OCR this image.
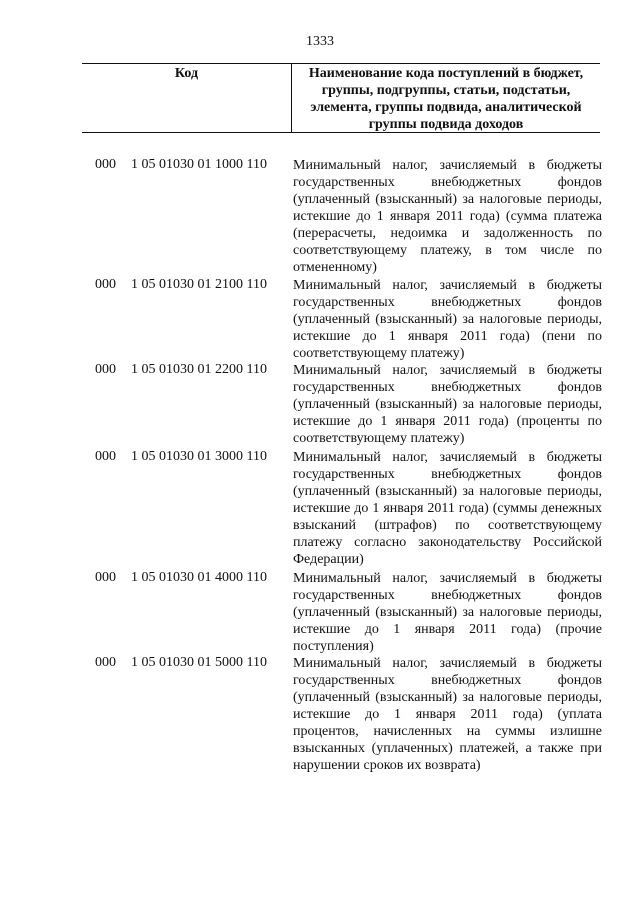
1333
Код	Наименование кода поступлений в бюджет, группы, подгруппы, статьи, подстатьи, элемента, группы подвида, аналитической группы подвида доходов
000 1 05 01030 01 1000 110 Минимальный налог, зачисляемый в бюджеты государственных внебюджетных фондов (уплаченный (взысканный) за налоговые периоды, истекшие до 1 января 2011 года) (сумма платежа (перерасчеты, недоимка и задолженность по соответствующему платежу, в том числе по отмененному)
000 1 05 01030 01 2100 110 Минимальный налог, зачисляемый в бюджеты государственных внебюджетных фондов (уплаченный (взысканный) за налоговые периоды, истекшие до 1 января 2011 года) (пени по соответствующему платежу)
000 1 05 01030 01 2200 110 Минимальный налог, зачисляемый в бюджеты государственных внебюджетных фондов (уплаченный (взысканный) за налоговые периоды, истекшие до 1 января 2011 года) (проценты по соответствующему платежу)
000 1 05 01030 01 3000 110 Минимальный налог, зачисляемый в бюджеты государственных внебюджетных фондов (уплаченный (взысканный) за налоговые периоды, истекшие до 1 января 2011 года) (суммы денежных взысканий (штрафов) по соответствующему платежу согласно законодательству Российской Федерации)
000 1 05 01030 01 4000 110 Минимальный налог, зачисляемый в бюджеты государственных внебюджетных фондов (уплаченный (взысканный) за налоговые периоды, истекшие до 1 января 2011 года) (прочие поступления)
000 1 05 01030 01 5000 110 Минимальный налог, зачисляемый в бюджеты государственных внебюджетных фондов (уплаченный (взысканный) за налоговые периоды, истекшие до 1 января 2011 года) (уплата процентов, начисленных на суммы излишне взысканных (уплаченных) платежей, а также при нарушении сроков их возврата)
